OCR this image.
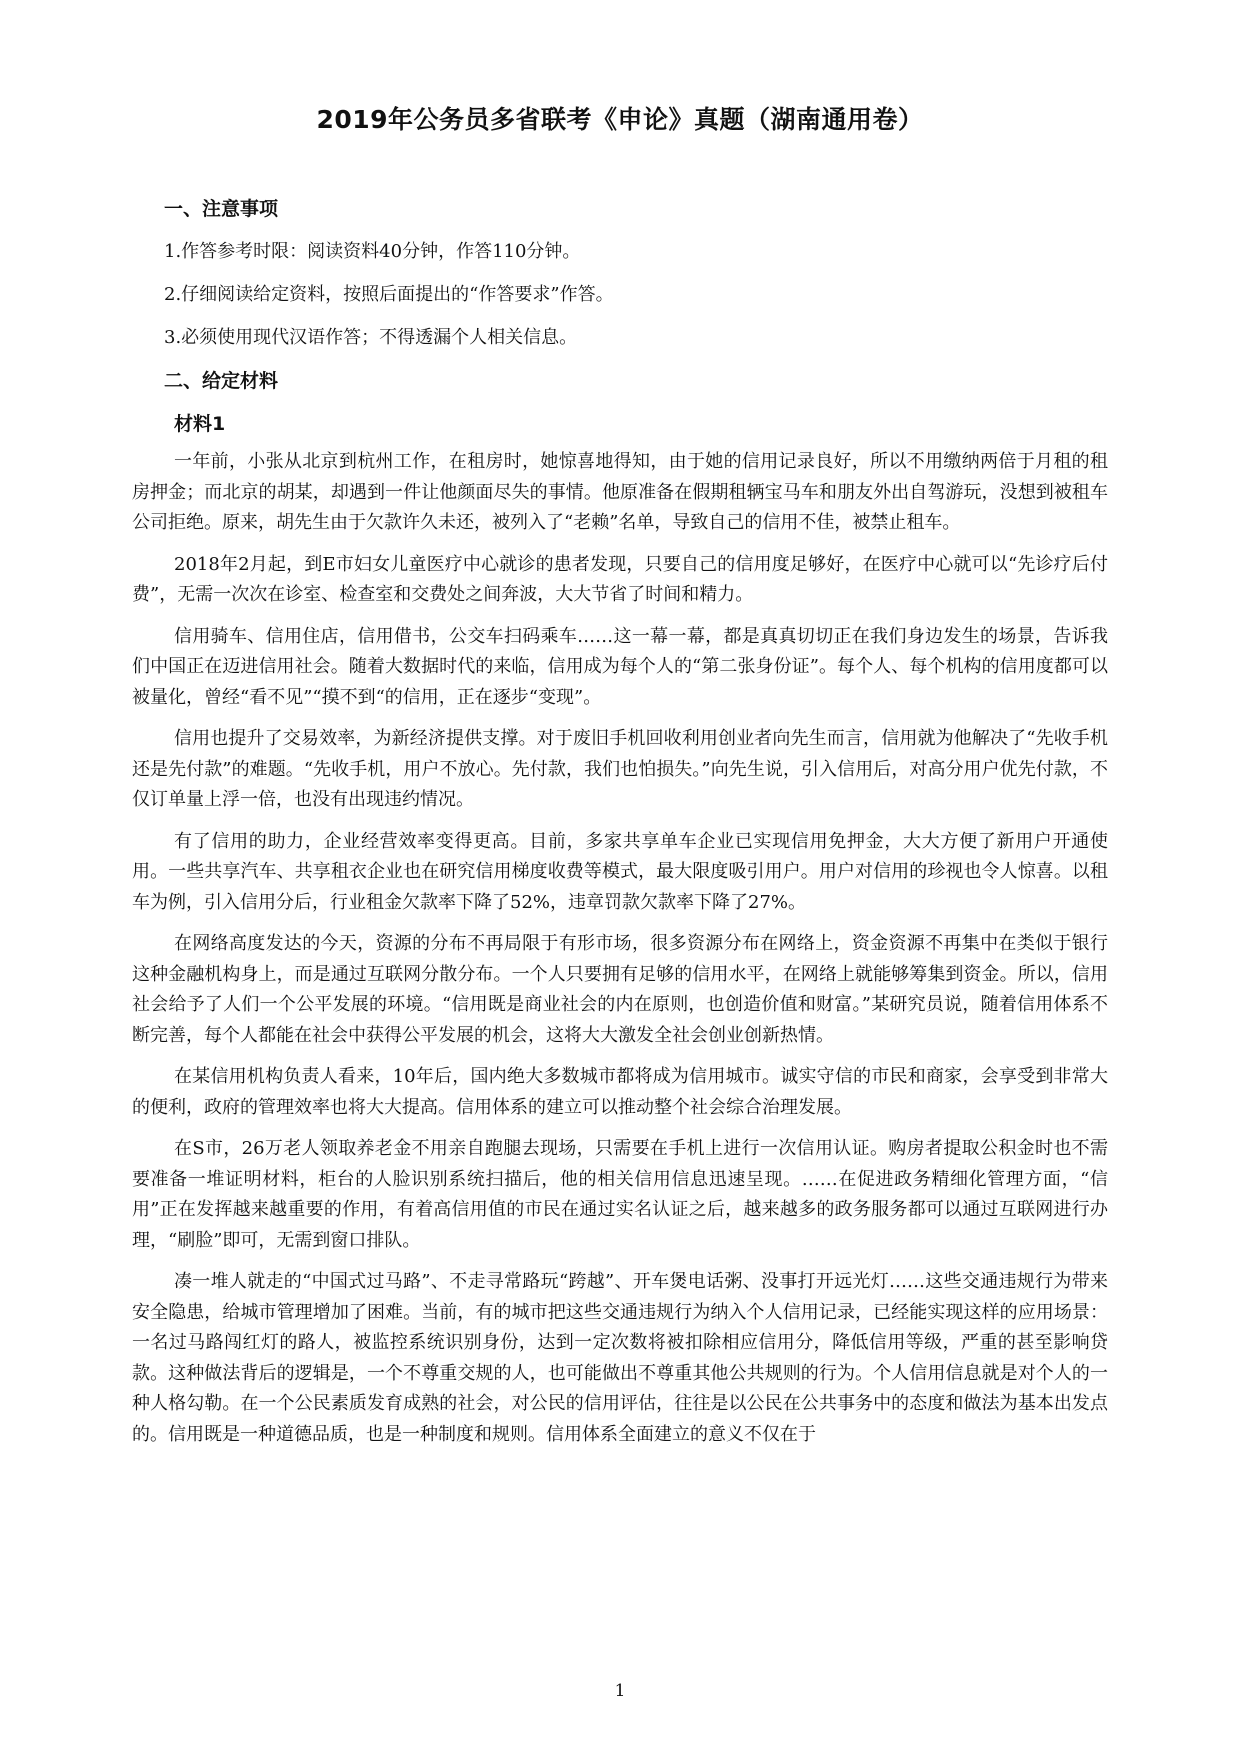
2019年公务员多省联考《申论》真题（湖南通用卷）
一、注意事项
1.作答参考时限：阅读资料40分钟，作答110分钟。
2.仔细阅读给定资料，按照后面提出的“作答要求”作答。
3.必须使用现代汉语作答；不得透漏个人相关信息。
二、给定材料
材料1

一年前，小张从北京到杭州工作，在租房时，她惊喜地得知，由于她的信用记录良好，所以不用缴纳两倍于月租的租房押金；而北京的胡某，却遇到一件让他颜面尽失的事情。他原准备在假期租辆宝马车和朋友外出自驾游玩，没想到被租车公司拒绝。原来，胡先生由于欠款许久未还，被列入了“老赖”名单，导致自己的信用不佳，被禁止租车。

2018年2月起，到E市妇女儿童医疗中心就诊的患者发现，只要自己的信用度足够好，在医疗中心就可以“先诊疗后付费”，无需一次次在诊室、检查室和交费处之间奔波，大大节省了时间和精力。

信用骑车、信用住店，信用借书，公交车扫码乘车……这一幕一幕，都是真真切切正在我们身边发生的场景，告诉我们中国正在迈进信用社会。随着大数据时代的来临，信用成为每个人的“第二张身份证”。每个人、每个机构的信用度都可以被量化，曾经“看不见”“摸不到“的信用，正在逐步“变现”。

信用也提升了交易效率，为新经济提供支撑。对于废旧手机回收利用创业者向先生而言，信用就为他解决了“先收手机还是先付款”的难题。“先收手机，用户不放心。先付款，我们也怕损失。”向先生说，引入信用后，对高分用户优先付款，不仅订单量上浮一倍，也没有出现违约情况。

有了信用的助力，企业经营效率变得更高。目前，多家共享单车企业已实现信用免押金，大大方便了新用户开通使用。一些共享汽车、共享租衣企业也在研究信用梯度收费等模式，最大限度吸引用户。用户对信用的珍视也令人惊喜。以租车为例，引入信用分后，行业租金欠款率下降了52%，违章罚款欠款率下降了27%。

在网络高度发达的今天，资源的分布不再局限于有形市场，很多资源分布在网络上，资金资源不再集中在类似于银行这种金融机构身上，而是通过互联网分散分布。一个人只要拥有足够的信用水平，在网络上就能够筹集到资金。所以，信用社会给予了人们一个公平发展的环境。“信用既是商业社会的内在原则，也创造价值和财富。”某研究员说，随着信用体系不断完善，每个人都能在社会中获得公平发展的机会，这将大大激发全社会创业创新热情。

在某信用机构负责人看来，10年后，国内绝大多数城市都将成为信用城市。诚实守信的市民和商家，会享受到非常大的便利，政府的管理效率也将大大提高。信用体系的建立可以推动整个社会综合治理发展。

在S市，26万老人领取养老金不用亲自跑腿去现场，只需要在手机上进行一次信用认证。购房者提取公积金时也不需要准备一堆证明材料，柜台的人脸识别系统扫描后，他的相关信用信息迅速呈现。……在促进政务精细化管理方面，“信用”正在发挥越来越重要的作用，有着高信用值的市民在通过实名认证之后，越来越多的政务服务都可以通过互联网进行办理，“刷脸”即可，无需到窗口排队。

凑一堆人就走的“中国式过马路”、不走寻常路玩“跨越”、开车煲电话粥、没事打开远光灯……这些交通违规行为带来安全隐患，给城市管理增加了困难。当前，有的城市把这些交通违规行为纳入个人信用记录，已经能实现这样的应用场景：一名过马路闯红灯的路人，被监控系统识别身份，达到一定次数将被扣除相应信用分，降低信用等级，严重的甚至影响贷款。这种做法背后的逻辑是，一个不尊重交规的人，也可能做出不尊重其他公共规则的行为。个人信用信息就是对个人的一种人格勾勒。在一个公民素质发育成熟的社会，对公民的信用评估，往往是以公民在公共事务中的态度和做法为基本出发点的。信用既是一种道德品质，也是一种制度和规则。信用体系全面建立的意义不仅在于

1
